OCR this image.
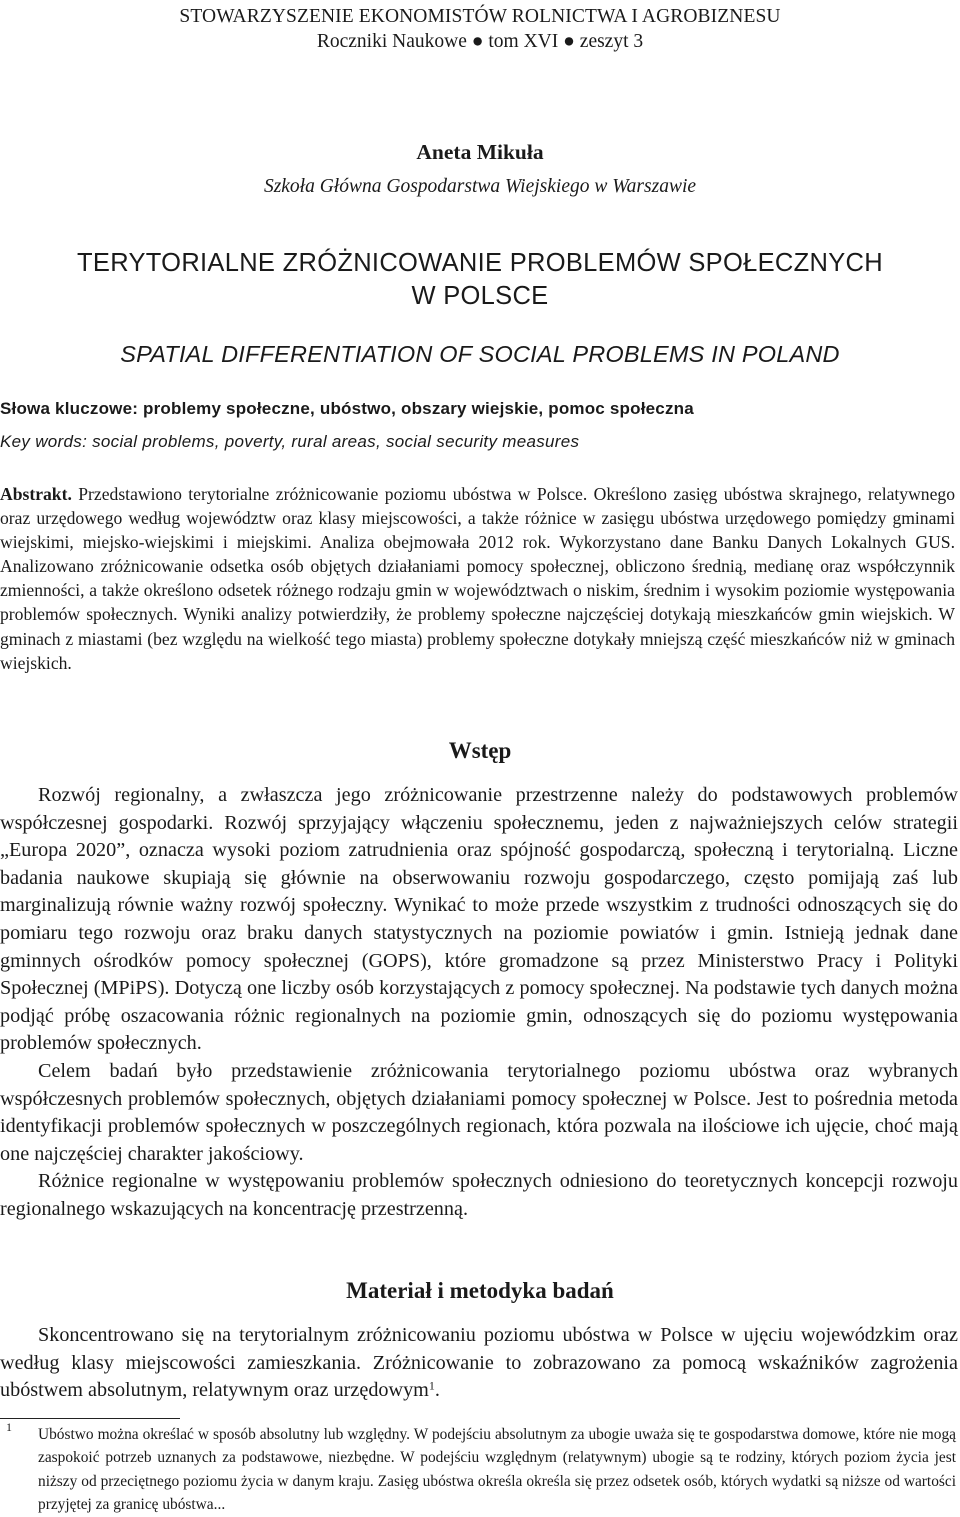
STOWARZYSZENIE EKONOMISTÓW ROLNICTWA I AGROBIZNESU
Roczniki Naukowe ● tom XVI ● zeszyt 3
Aneta Mikuła
Szkoła Główna Gospodarstwa Wiejskiego w Warszawie
TERYTORIALNE ZRÓŻNICOWANIE PROBLEMÓW SPOŁECZNYCH
W POLSCE
SPATIAL DIFFERENTIATION OF SOCIAL PROBLEMS IN POLAND
Słowa kluczowe: problemy społeczne, ubóstwo, obszary wiejskie, pomoc społeczna
Key words: social problems, poverty, rural areas, social security measures
Abstrakt. Przedstawiono terytorialne zróżnicowanie poziomu ubóstwa w Polsce. Określono zasięg ubóstwa skrajnego, relatywnego oraz urzędowego według województw oraz klasy miejscowości, a także różnice w zasięgu ubóstwa urzędowego pomiędzy gminami wiejskimi, miejsko-wiejskimi i miejskimi. Analiza obejmowała 2012 rok. Wykorzystano dane Banku Danych Lokalnych GUS. Analizowano zróżnicowanie odsetka osób objętych działaniami pomocy społecznej, obliczono średnią, medianę oraz współczynnik zmienności, a także określono odsetek różnego rodzaju gmin w województwach o niskim, średnim i wysokim poziomie występowania problemów społecznych. Wyniki analizy potwierdziły, że problemy społeczne najczęściej dotykają mieszkańców gmin wiejskich. W gminach z miastami (bez względu na wielkość tego miasta) problemy społeczne dotykały mniejszą część mieszkańców niż w gminach wiejskich.
Wstęp

Rozwój regionalny, a zwłaszcza jego zróżnicowanie przestrzenne należy do podstawowych problemów współczesnej gospodarki. Rozwój sprzyjający włączeniu społecznemu, jeden z najważniejszych celów strategii „Europa 2020”, oznacza wysoki poziom zatrudnienia oraz spójność gospodarczą, społeczną i terytorialną. Liczne badania naukowe skupiają się głównie na obserwowaniu rozwoju gospodarczego, często pomijają zaś lub marginalizują równie ważny rozwój społeczny. Wynikać to może przede wszystkim z trudności odnoszących się do pomiaru tego rozwoju oraz braku danych statystycznych na poziomie powiatów i gmin. Istnieją jednak dane gminnych ośrodków pomocy społecznej (GOPS), które gromadzone są przez Ministerstwo Pracy i Polityki Społecznej (MPiPS). Dotyczą one liczby osób korzystających z pomocy społecznej. Na podstawie tych danych można podjąć próbę oszacowania różnic regionalnych na poziomie gmin, odnoszących się do poziomu występowania problemów społecznych.

Celem badań było przedstawienie zróżnicowania terytorialnego poziomu ubóstwa oraz wybranych współczesnych problemów społecznych, objętych działaniami pomocy społecznej w Polsce. Jest to pośrednia metoda identyfikacji problemów społecznych w poszczególnych regionach, która pozwala na ilościowe ich ujęcie, choć mają one najczęściej charakter jakościowy.

Różnice regionalne w występowaniu problemów społecznych odniesiono do teoretycznych koncepcji rozwoju regionalnego wskazujących na koncentrację przestrzenną.

Materiał i metodyka badań

Skoncentrowano się na terytorialnym zróżnicowaniu poziomu ubóstwa w Polsce w ujęciu wojewódzkim oraz według klasy miejscowości zamieszkania. Zróżnicowanie to zobrazowano za pomocą wskaźników zagrożenia ubóstwem absolutnym, relatywnym oraz urzędowym$^1$.

1 Ubóstwo można określać w sposób absolutny lub względny. W podejściu absolutnym za ubogie uważa się te gospodarstwa domowe, które nie mogą zaspokoić potrzeb uznanych za podstawowe, niezbędne. W podejściu względnym (relatywnym) ubogie są te rodziny, których poziom życia jest niższy od przeciętnego poziomu życia w danym kraju. Zasięg ubóstwa określa określa się przez odsetek osób, których wydatki są niższe od wartości przyjętej za granicę ubóstwa...
